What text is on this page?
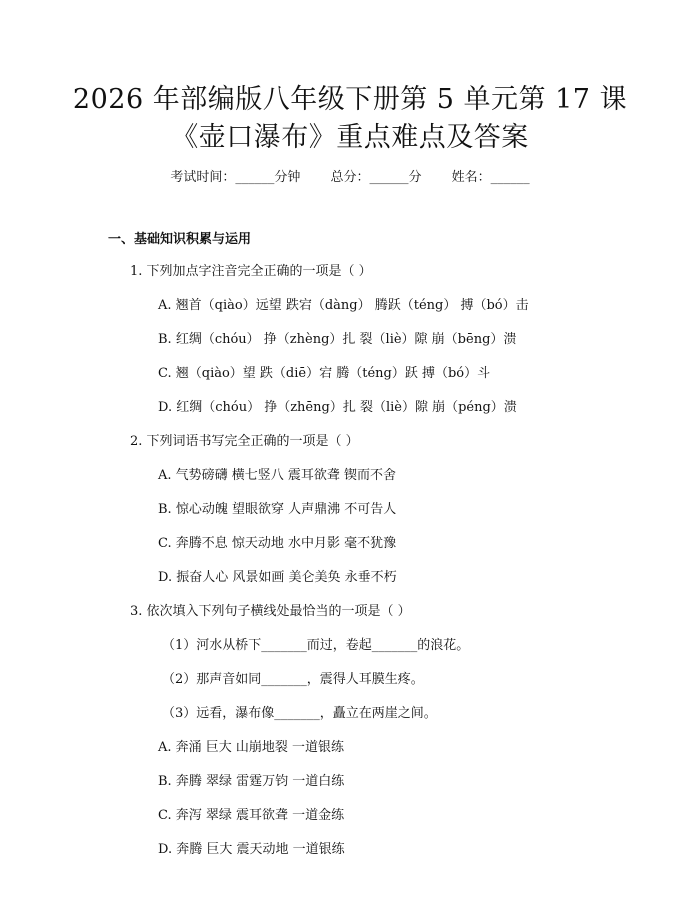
2026 年部编版八年级下册第 5 单元第 17 课
《壶口瀑布》重点难点及答案
考试时间：______分钟 总分：______分 姓名：______
一、基础知识积累与运用
1. 下列加点字注音完全正确的一项是（ ）
A. 翘首（qiào）远望 跌宕（dàng） 腾跃（téng） 搏（bó）击
B. 红绸（chóu） 挣（zhèng）扎 裂（liè）隙 崩（bēng）溃
C. 翘（qiào）望 跌（diē）宕 腾（téng）跃 搏（bó）斗
D. 红绸（chóu） 挣（zhēng）扎 裂（liè）隙 崩（péng）溃
2. 下列词语书写完全正确的一项是（ ）
A. 气势磅礴 横七竖八 震耳欲聋 锲而不舍
B. 惊心动魄 望眼欲穿 人声鼎沸 不可告人
C. 奔腾不息 惊天动地 水中月影 毫不犹豫
D. 振奋人心 风景如画 美仑美奂 永垂不朽
3. 依次填入下列句子横线处最恰当的一项是（ ）
（1）河水从桥下_______而过，卷起_______的浪花。
（2）那声音如同_______，震得人耳膜生疼。
（3）远看，瀑布像_______，矗立在两崖之间。
A. 奔涌 巨大 山崩地裂 一道银练
B. 奔腾 翠绿 雷霆万钧 一道白练
C. 奔泻 翠绿 震耳欲聋 一道金练
D. 奔腾 巨大 震天动地 一道银练
